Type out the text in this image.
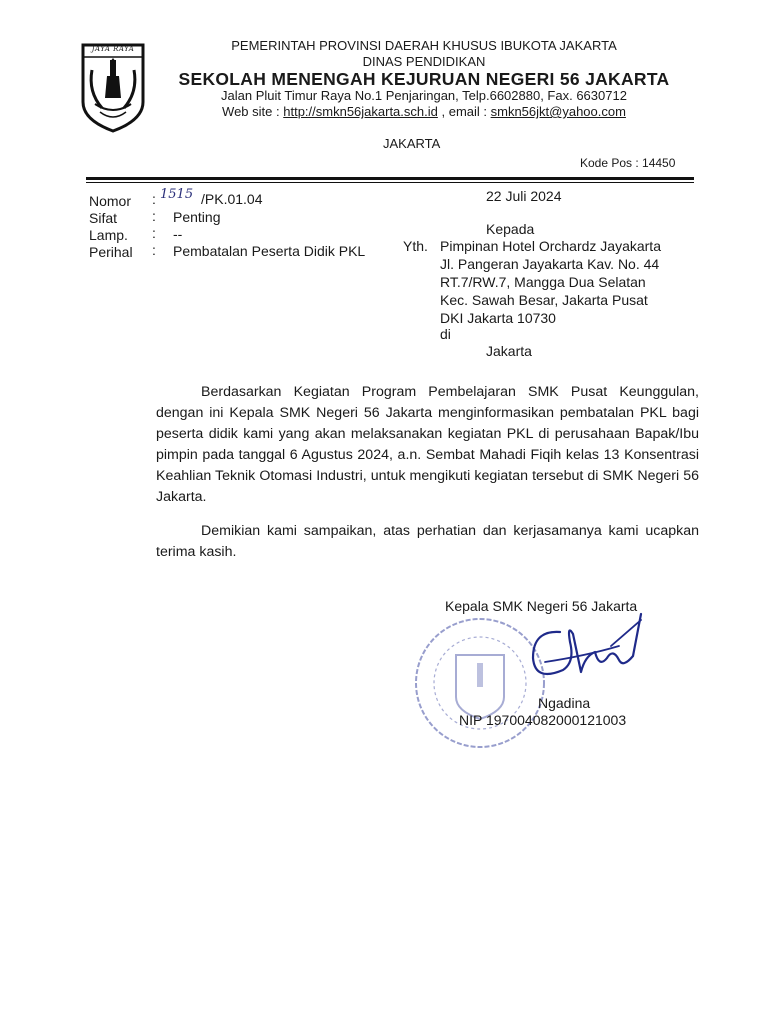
JAYA RAYA	PEMERINTAH PROVINSI DAERAH KHUSUS IBUKOTA JAKARTA
DINAS PENDIDIKAN
SEKOLAH MENENGAH KEJURUAN NEGERI 56 JAKARTA
Jalan Pluit Timur Raya No.1 Penjaringan, Telp.6602880, Fax. 6630712
Web site : http://smkn56jakarta.sch.id , email : smkn56jkt@yahoo.com
JAKARTA
Kode Pos : 14450
Nomor : 1515 /PK.01.04
Sifat : Penting
Lamp. : --
Perihal : Pembatalan Peserta Didik PKL
22 Juli 2024
Kepada
Yth. Pimpinan Hotel Orchardz Jayakarta
Jl. Pangeran Jayakarta Kav. No. 44
RT.7/RW.7, Mangga Dua Selatan
Kec. Sawah Besar, Jakarta Pusat
DKI Jakarta 10730
di
Jakarta
Berdasarkan Kegiatan Program Pembelajaran SMK Pusat Keunggulan, dengan ini Kepala SMK Negeri 56 Jakarta menginformasikan pembatalan PKL bagi peserta didik kami yang akan melaksanakan kegiatan PKL di perusahaan Bapak/Ibu pimpin pada tanggal 6 Agustus 2024, a.n. Sembat Mahadi Fiqih kelas 13 Konsentrasi Keahlian Teknik Otomasi Industri, untuk mengikuti kegiatan tersebut di SMK Negeri 56 Jakarta.
Demikian kami sampaikan, atas perhatian dan kerjasamanya kami ucapkan terima kasih.
Kepala SMK Negeri 56 Jakarta
Ngadina
NIP 197004082000121003
